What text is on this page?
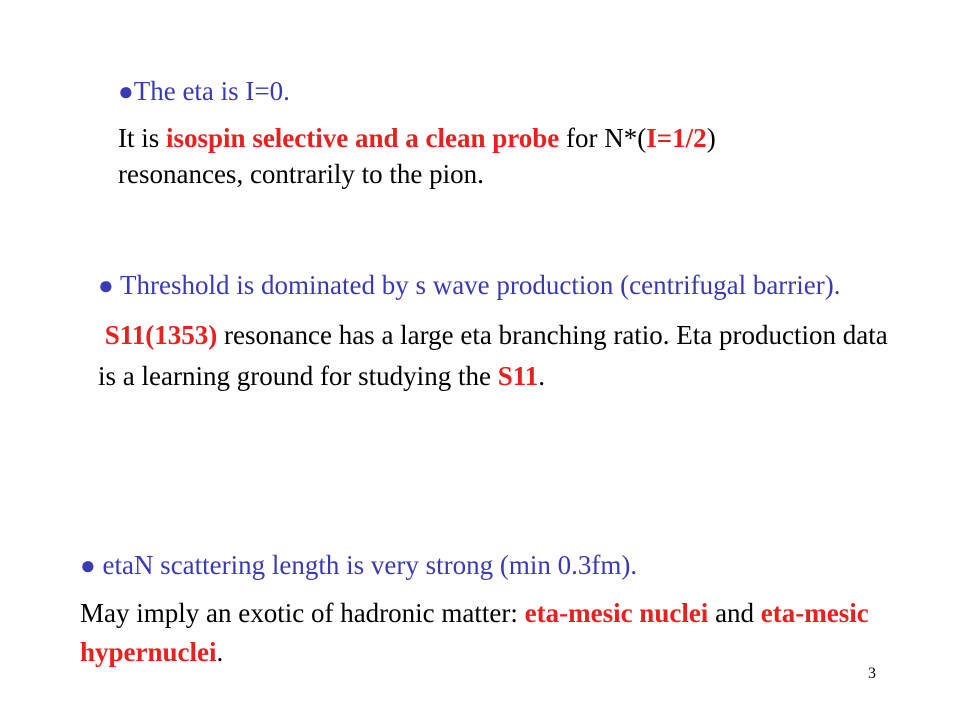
●The eta is I=0.

It is isospin selective and a clean probe for N*(I=1/2)
resonances, contrarily to the pion.

● Threshold is dominated by s wave production (centrifugal barrier).

S11(1353) resonance has a large eta branching ratio. Eta production data is a learning ground for studying the S11.

● etaN scattering length is very strong (min 0.3fm).

May imply an exotic of hadronic matter: eta-mesic nuclei and eta-mesic hypernuclei.

3
